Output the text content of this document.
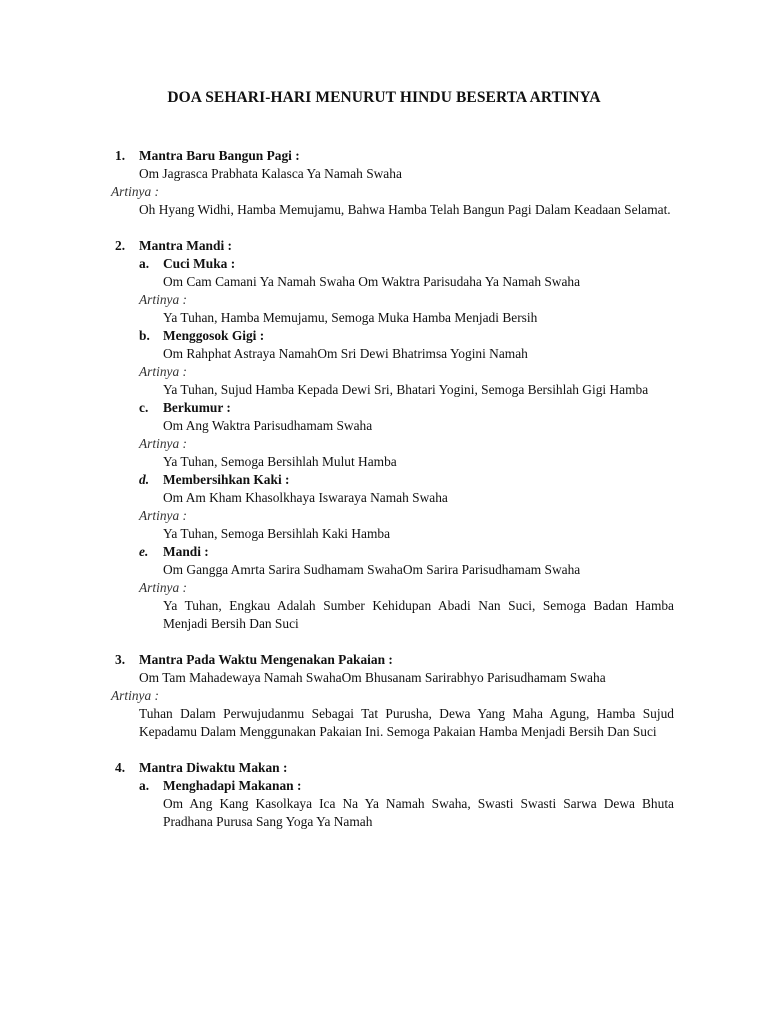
DOA SEHARI-HARI MENURUT HINDU BESERTA ARTINYA
1. Mantra Baru Bangun Pagi :
Om Jagrasca Prabhata Kalasca Ya Namah Swaha
Artinya :
Oh Hyang Widhi, Hamba Memujamu, Bahwa Hamba Telah Bangun Pagi Dalam Keadaan Selamat.
2. Mantra Mandi :
a. Cuci Muka :
Om Cam Camani Ya Namah Swaha Om Waktra Parisudaha Ya Namah Swaha
Artinya :
Ya Tuhan, Hamba Memujamu, Semoga Muka Hamba Menjadi Bersih
b. Menggosok Gigi :
Om Rahphat Astraya NamahOm Sri Dewi Bhatrimsa Yogini Namah
Artinya :
Ya Tuhan, Sujud Hamba Kepada Dewi Sri, Bhatari Yogini, Semoga Bersihlah Gigi Hamba
c. Berkumur :
Om Ang Waktra Parisudhamam Swaha
Artinya :
Ya Tuhan, Semoga Bersihlah Mulut Hamba
d. Membersihkan Kaki :
Om Am Kham Khasolkhaya Iswaraya Namah Swaha
Artinya :
Ya Tuhan, Semoga Bersihlah Kaki Hamba
e. Mandi :
Om Gangga Amrta Sarira Sudhamam SwahaOm Sarira Parisudhamam Swaha
Artinya :
Ya Tuhan, Engkau Adalah Sumber Kehidupan Abadi Nan Suci, Semoga Badan Hamba Menjadi Bersih Dan Suci
3. Mantra Pada Waktu Mengenakan Pakaian :
Om Tam Mahadewaya Namah SwahaOm Bhusanam Sarirabhyo Parisudhamam Swaha
Artinya :
Tuhan Dalam Perwujudanmu Sebagai Tat Purusha, Dewa Yang Maha Agung, Hamba Sujud Kepadamu Dalam Menggunakan Pakaian Ini. Semoga Pakaian Hamba Menjadi Bersih Dan Suci
4. Mantra Diwaktu Makan :
a. Menghadapi Makanan :
Om Ang Kang Kasolkaya Ica Na Ya Namah Swaha, Swasti Swasti Sarwa Dewa Bhuta Pradhana Purusa Sang Yoga Ya Namah
